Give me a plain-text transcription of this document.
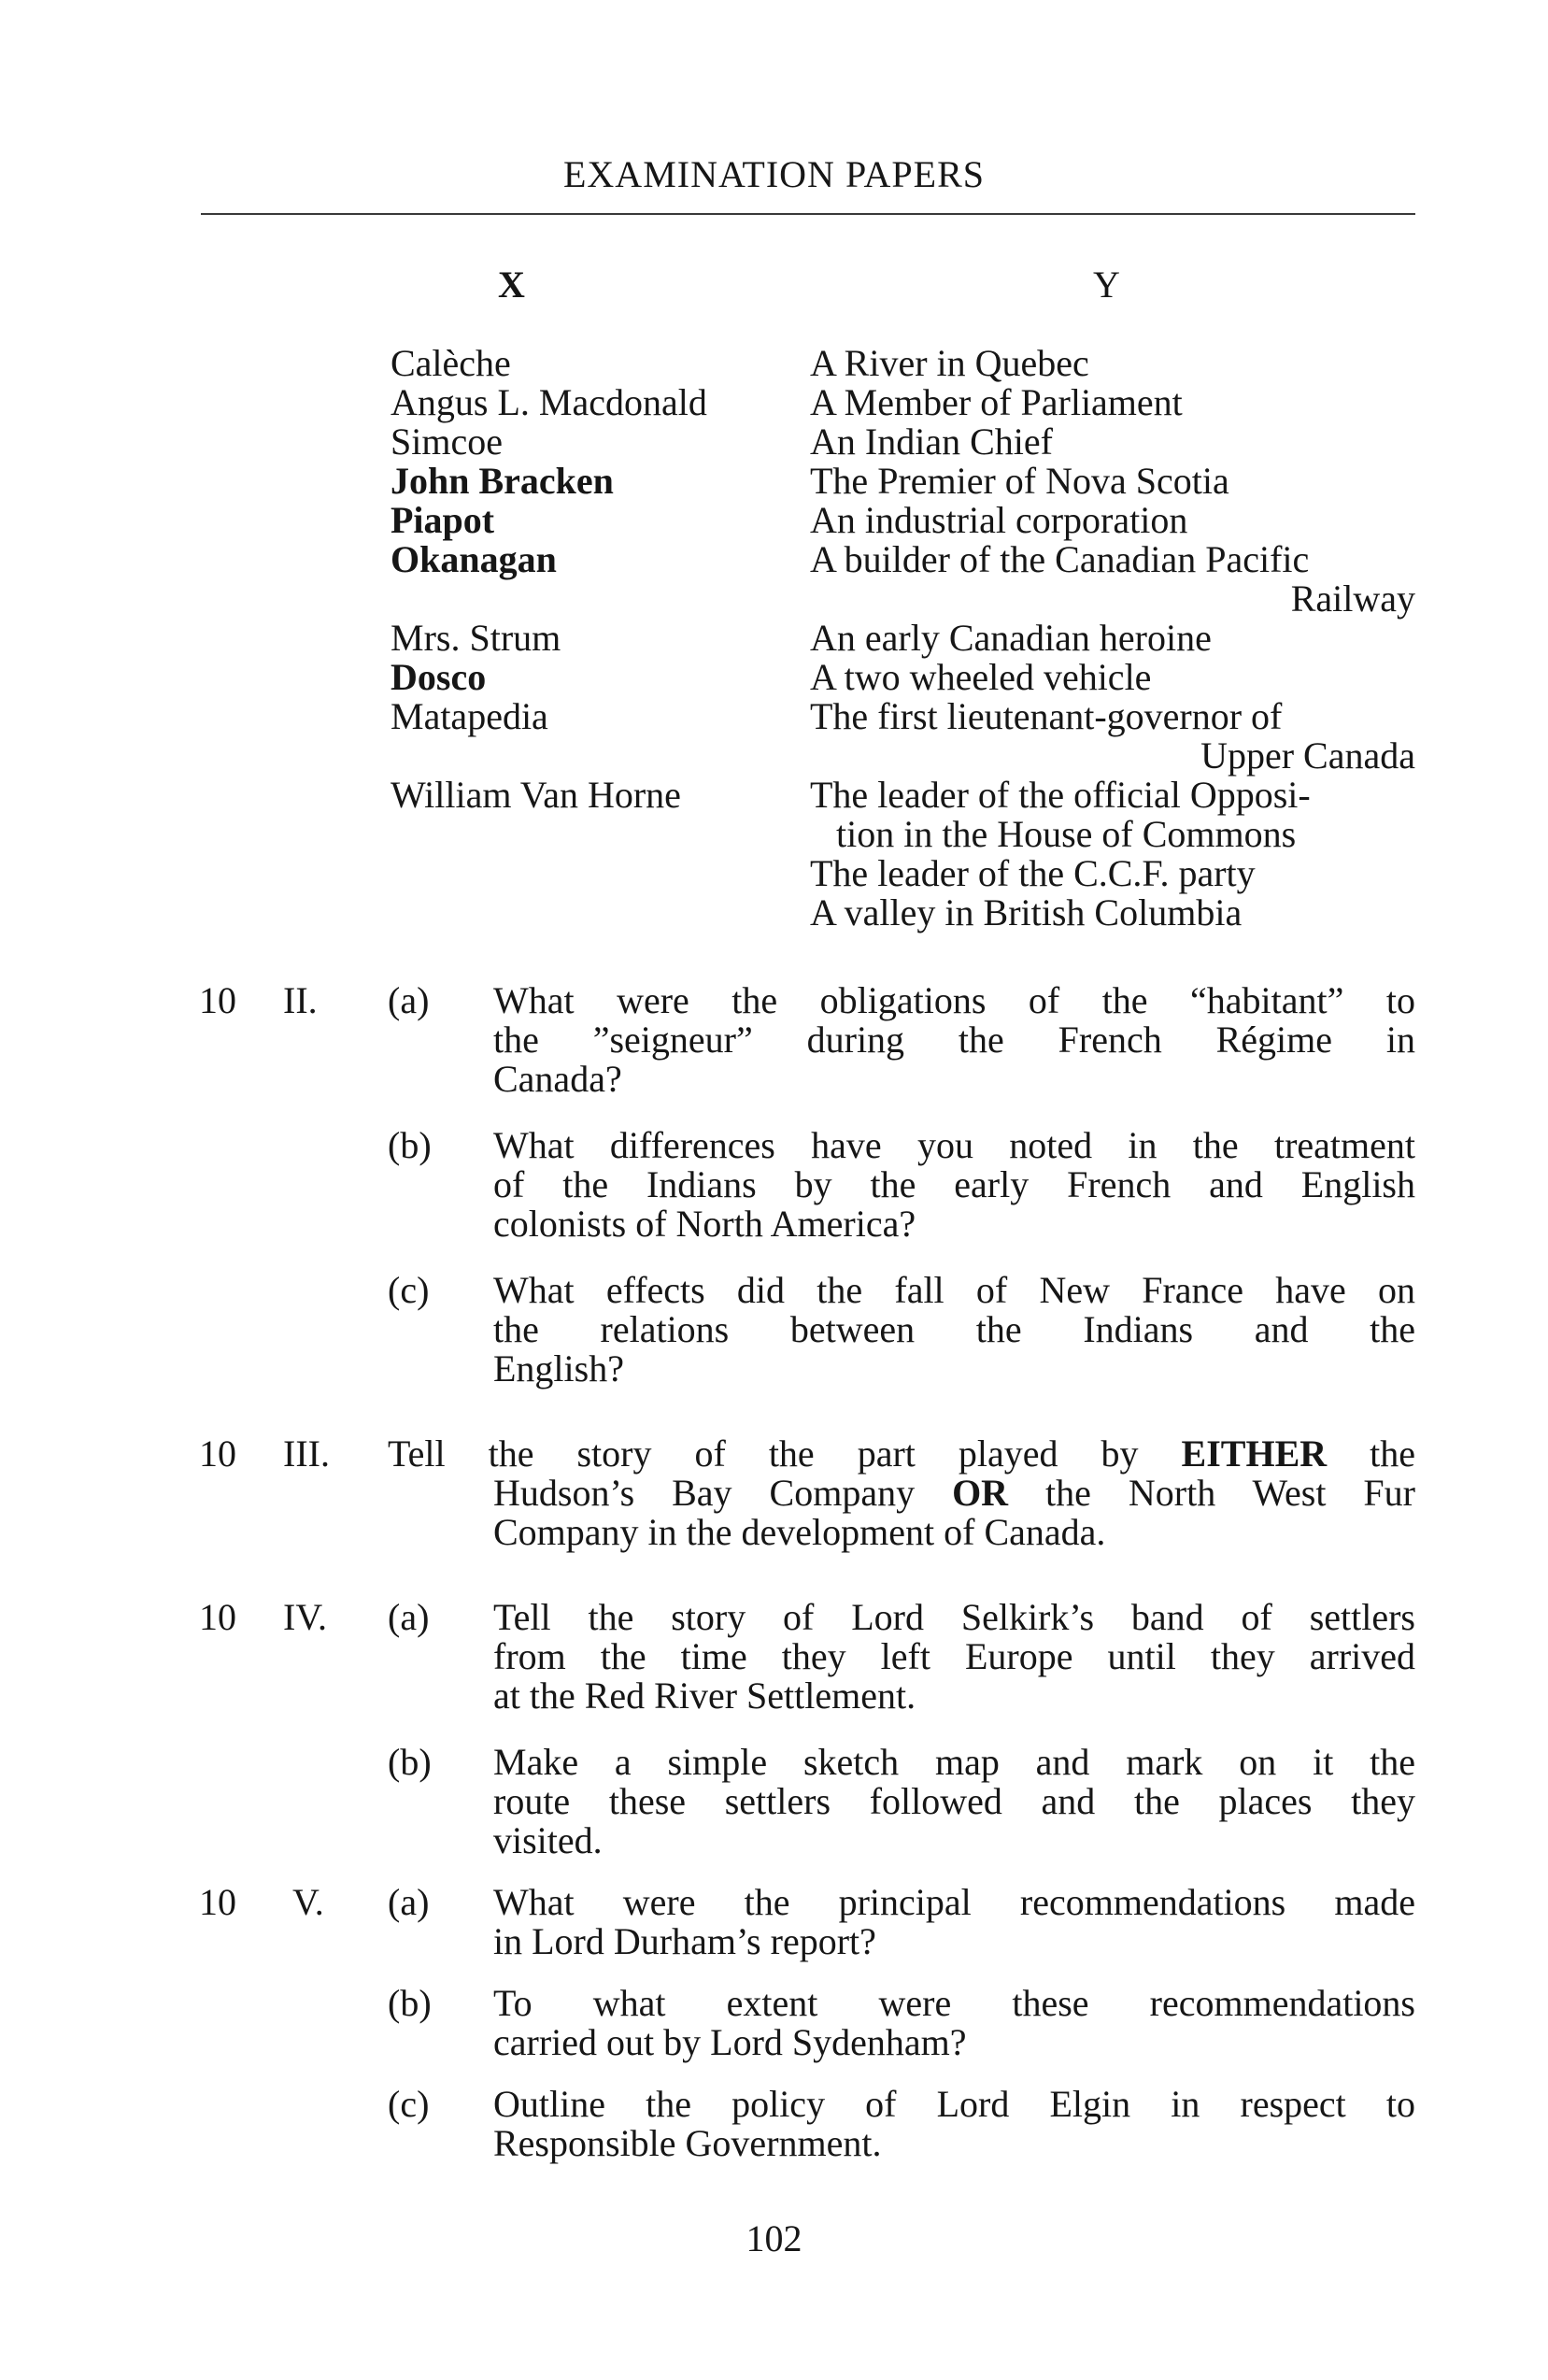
EXAMINATION PAPERS
X	Y
Calèche
Angus L. Macdonald
Simcoe
John Bracken
Piapot
Okanagan
Mrs. Strum
Dosco
Matapedia
William Van Horne
A River in Quebec
A Member of Parliament
An Indian Chief
The Premier of Nova Scotia
An industrial corporation
A builder of the Canadian Pacific
Railway
An early Canadian heroine
A two wheeled vehicle
The first lieutenant-governor of
Upper Canada
The leader of the official Opposi-
tion in the House of Commons
The leader of the C.C.F. party
A valley in British Columbia
10 II. (a) What were the obligations of the “habitant” to
the ”seigneur” during the French Régime in
Canada?
(b) What differences have you noted in the treatment
of the Indians by the early French and English
colonists of North America?
(c) What effects did the fall of New France have on
the relations between the Indians and the
English?
10 III. Tell the story of the part played by EITHER the
Hudson’s Bay Company OR the North West Fur
Company in the development of Canada.
10 IV. (a) Tell the story of Lord Selkirk’s band of settlers
from the time they left Europe until they arrived
at the Red River Settlement.
(b) Make a simple sketch map and mark on it the
route these settlers followed and the places they
visited.
10 V. (a) What were the principal recommendations made
in Lord Durham’s report?
(b) To what extent were these recommendations
carried out by Lord Sydenham?
(c) Outline the policy of Lord Elgin in respect to
Responsible Government.
102
